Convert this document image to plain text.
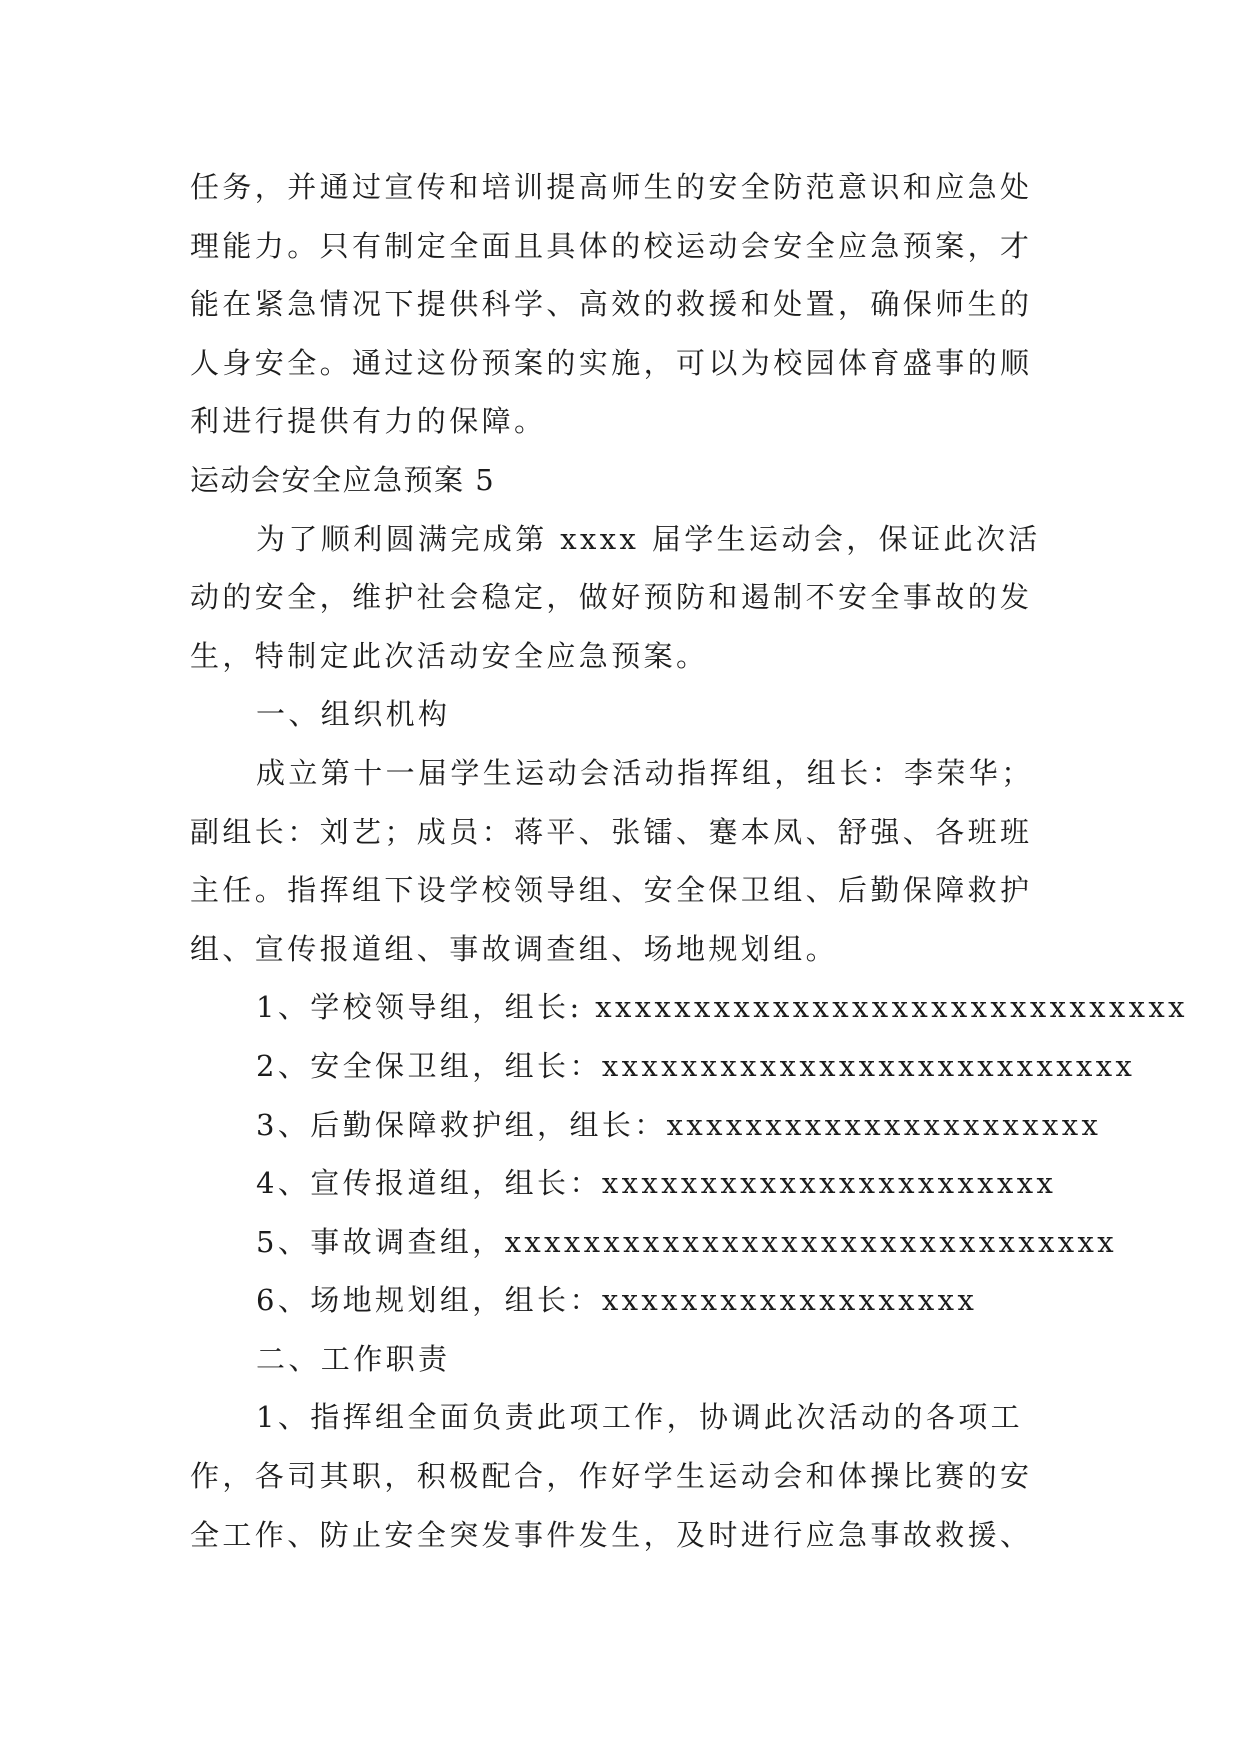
任务，并通过宣传和培训提高师生的安全防范意识和应急处
理能力。只有制定全面且具体的校运动会安全应急预案，才
能在紧急情况下提供科学、高效的救援和处置，确保师生的
人身安全。通过这份预案的实施，可以为校园体育盛事的顺
利进行提供有力的保障。
运动会安全应急预案 5
为了顺利圆满完成第 xxxx 届学生运动会，保证此次活
动的安全，维护社会稳定，做好预防和遏制不安全事故的发
生，特制定此次活动安全应急预案。
一、组织机构
成立第十一届学生运动会活动指挥组，组长：李荣华；
副组长：刘艺；成员：蒋平、张镭、蹇本凤、舒强、各班班
主任。指挥组下设学校领导组、安全保卫组、后勤保障救护
组、宣传报道组、事故调查组、场地规划组。
1、学校领导组，组长: xxxxxxxxxxxxxxxxxxxxxxxxxxxxxx
2、安全保卫组，组长：xxxxxxxxxxxxxxxxxxxxxxxxxxx
3、后勤保障救护组，组长：xxxxxxxxxxxxxxxxxxxxxx
4、宣传报道组，组长：xxxxxxxxxxxxxxxxxxxxxxx
5、事故调查组，xxxxxxxxxxxxxxxxxxxxxxxxxxxxxxx
6、场地规划组，组长：xxxxxxxxxxxxxxxxxxx
二、工作职责
1、指挥组全面负责此项工作，协调此次活动的各项工
作，各司其职，积极配合，作好学生运动会和体操比赛的安
全工作、防止安全突发事件发生，及时进行应急事故救援、
